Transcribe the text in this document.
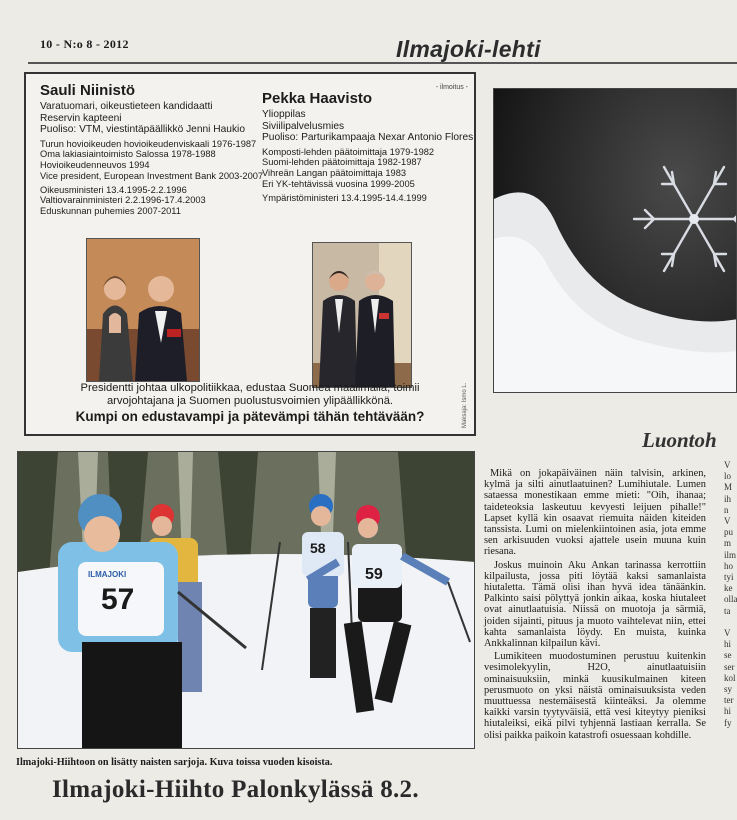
10 - N:o 8 - 2012	Ilmajoki-lehti
- ilmoitus -
Sauli Niinistö
Varatuomari, oikeustieteen kandidaatti
Reservin kapteeni
Puoliso: VTM, viestintäpäällikkö Jenni Haukio
Turun hovioikeuden hovioikeudenviskaali 1976-1987
Oma lakiasiaintoimisto Salossa 1978-1988
Hovioikeudenneuvos 1994
Vice president, European Investment Bank 2003-2007
Oikeusministeri 13.4.1995-2.2.1996
Valtiovarainministeri 2.2.1996-17.4.2003
Eduskunnan puhemies 2007-2011
Pekka Haavisto
Ylioppilas
Siviilipalvelusmies
Puoliso: Parturikampaaja Nexar Antonio Flores
Komposti-lehden päätoimittaja 1979-1982
Suomi-lehden päätoimittaja 1982-1987
Vihreän Langan päätoimittaja 1983
Eri YK-tehtävissä vuosina 1999-2005
Ympäristöministeri 13.4.1995-14.4.1999
Maksaja: Ismo L.
Presidentti johtaa ulkopolitiikkaa, edustaa Suomea maailmalla, toimii arvojohtajana ja Suomen puolustusvoimien ylipäällikkönä.
Kumpi on edustavampi ja pätevämpi tähän tehtävään?
57
58
59
ILMAJOKI
Luontoh

Mikä on jokapäiväinen näin talvisin, arkinen, kylmä ja silti ainutlaatuinen? Lumihiutale. Lumen sataessa monestikaan emme mieti: "Oih, ihanaa; taideteoksia laskeutuu kevyesti leijuen pihalle!" Lapset kyllä kin osaavat riemuita näiden kiteiden tanssista. Lumi on mielenkiintoinen asia, jota emme sen arkisuuden vuoksi ajattele usein muuna kuin riesana.

Joskus muinoin Aku Ankan tarinassa kerrottiin kilpailusta, jossa piti löytää kaksi samanlaista hiutaletta. Tämä olisi ihan hyvä idea tänäänkin. Palkinto saisi pölyttyä jonkin aikaa, koska hiutaleet ovat ainutlaatuisia. Niissä on muotoja ja särmiä, joiden sijainti, pituus ja muoto vaihtelevat niin, ettei kahta samanlaista löydy. En muista, kuinka Ankkalinnan kilpailun kävi.

Lumikiteen muodostuminen perustuu kuitenkin vesimolekyylin, H2O, ainutlaatuisiin ominaisuuksiin, minkä kuusikulmainen kiteen perusmuoto on yksi näistä ominaisuuksista veden muuttuessa nestemäisestä kiinteäksi. Ja olemme kaikki varsin tyytyväisiä, että vesi kiteytyy pieniksi hiutaleiksi, eikä pilvi tyhjennä lastiaan kerralla. Se olisi paikka paikoin katastrofi osuessaan kohdille.

V
lo
M
ih
n
V
pu
m
ilm
ho
tyi
ke
olla
ta

V
hi
se
ser
kol
sy
ter
hi
fy
Ilmajoki-Hiihtoon on lisätty naisten sarjoja. Kuva toissa vuoden kisoista.
Ilmajoki-Hiihto Palonkylässä 8.2.
